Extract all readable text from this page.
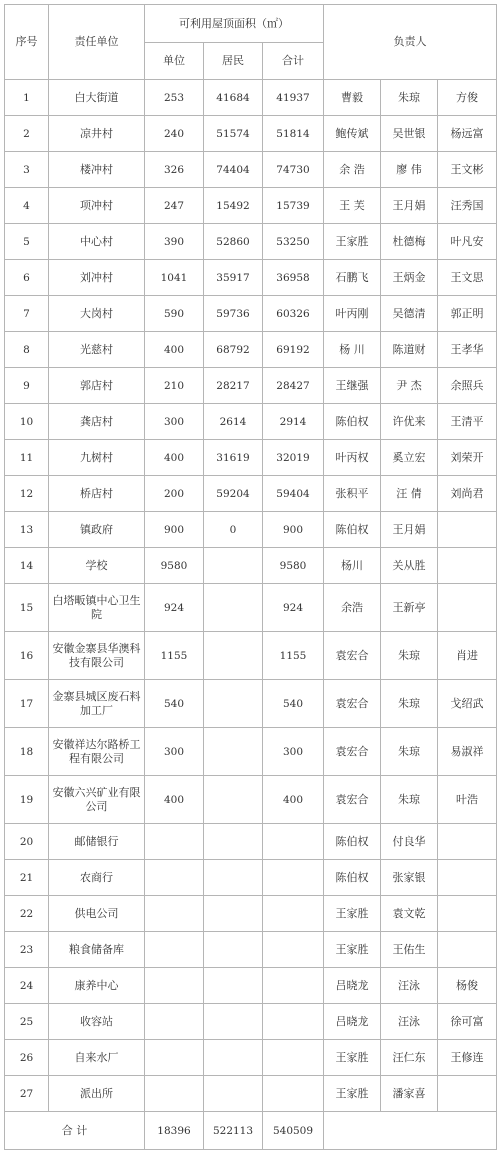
序号	责任单位	可利用屋顶面积（㎡）			负责人		
		单位	居民	合计			
1	白大街道	253	41684	41937	曹毅	朱琼	方俊
2	凉井村	240	51574	51814	鲍传斌	吴世银	杨远富
3	楼冲村	326	74404	74730	余 浩	廖 伟	王文彬
4	项冲村	247	15492	15739	王 芙	王月娟	汪秀国
5	中心村	390	52860	53250	王家胜	杜德梅	叶凡安
6	刘冲村	1041	35917	36958	石鹏飞	王炳金	王文思
7	大岗村	590	59736	60326	叶丙刚	吴德清	郭正明
8	光慈村	400	68792	69192	杨 川	陈道财	王孝华
9	郭店村	210	28217	28427	王继强	尹 杰	余照兵
10	龚店村	300	2614	2914	陈伯权	许优来	王清平
11	九树村	400	31619	32019	叶丙权	奚立宏	刘荣开
12	桥店村	200	59204	59404	张积平	汪 倩	刘尚君
13	镇政府	900	0	900	陈伯权	王月娟	
14	学校	9580		9580	杨川	关从胜	
15	白塔畈镇中心卫生院	924		924	余浩	王新亭	
16	安徽金寨县华澳科技有限公司	1155		1155	袁宏合	朱琼	肖进
17	金寨县城区废石料加工厂	540		540	袁宏合	朱琼	戈绍武
18	安徽祥达尔路桥工程有限公司	300		300	袁宏合	朱琼	易淑祥
19	安徽六兴矿业有限公司	400		400	袁宏合	朱琼	叶浩
20	邮储银行				陈伯权	付良华	
21	农商行				陈伯权	张家银	
22	供电公司				王家胜	袁文乾	
23	粮食储备库				王家胜	王佑生	
24	康养中心				吕晓龙	汪泳	杨俊
25	收容站				吕晓龙	汪泳	徐可富
26	自来水厂				王家胜	汪仁东	王修连
27	派出所				王家胜	潘家喜	
合 计		18396	522113	540509			
